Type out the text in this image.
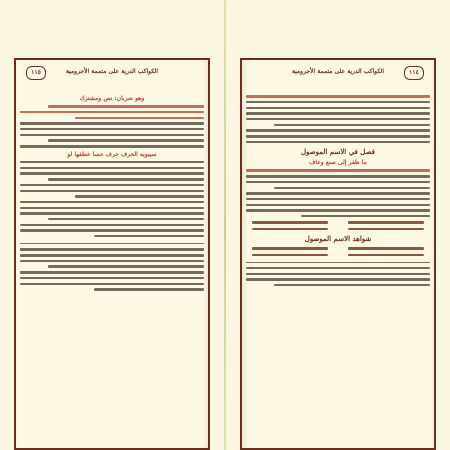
الكواكب الدرية على متممة الأجرومية
١١٥
وهو ضربان: نص ومشترك
سيبويه الحرف حرف حسا عطفها لو
الكواكب الدرية على متممة الأجرومية	١١٤
فصل في الاسم الموصول
ما ظفر إلى صنع وعاف
شواهد الاسم الموصول
